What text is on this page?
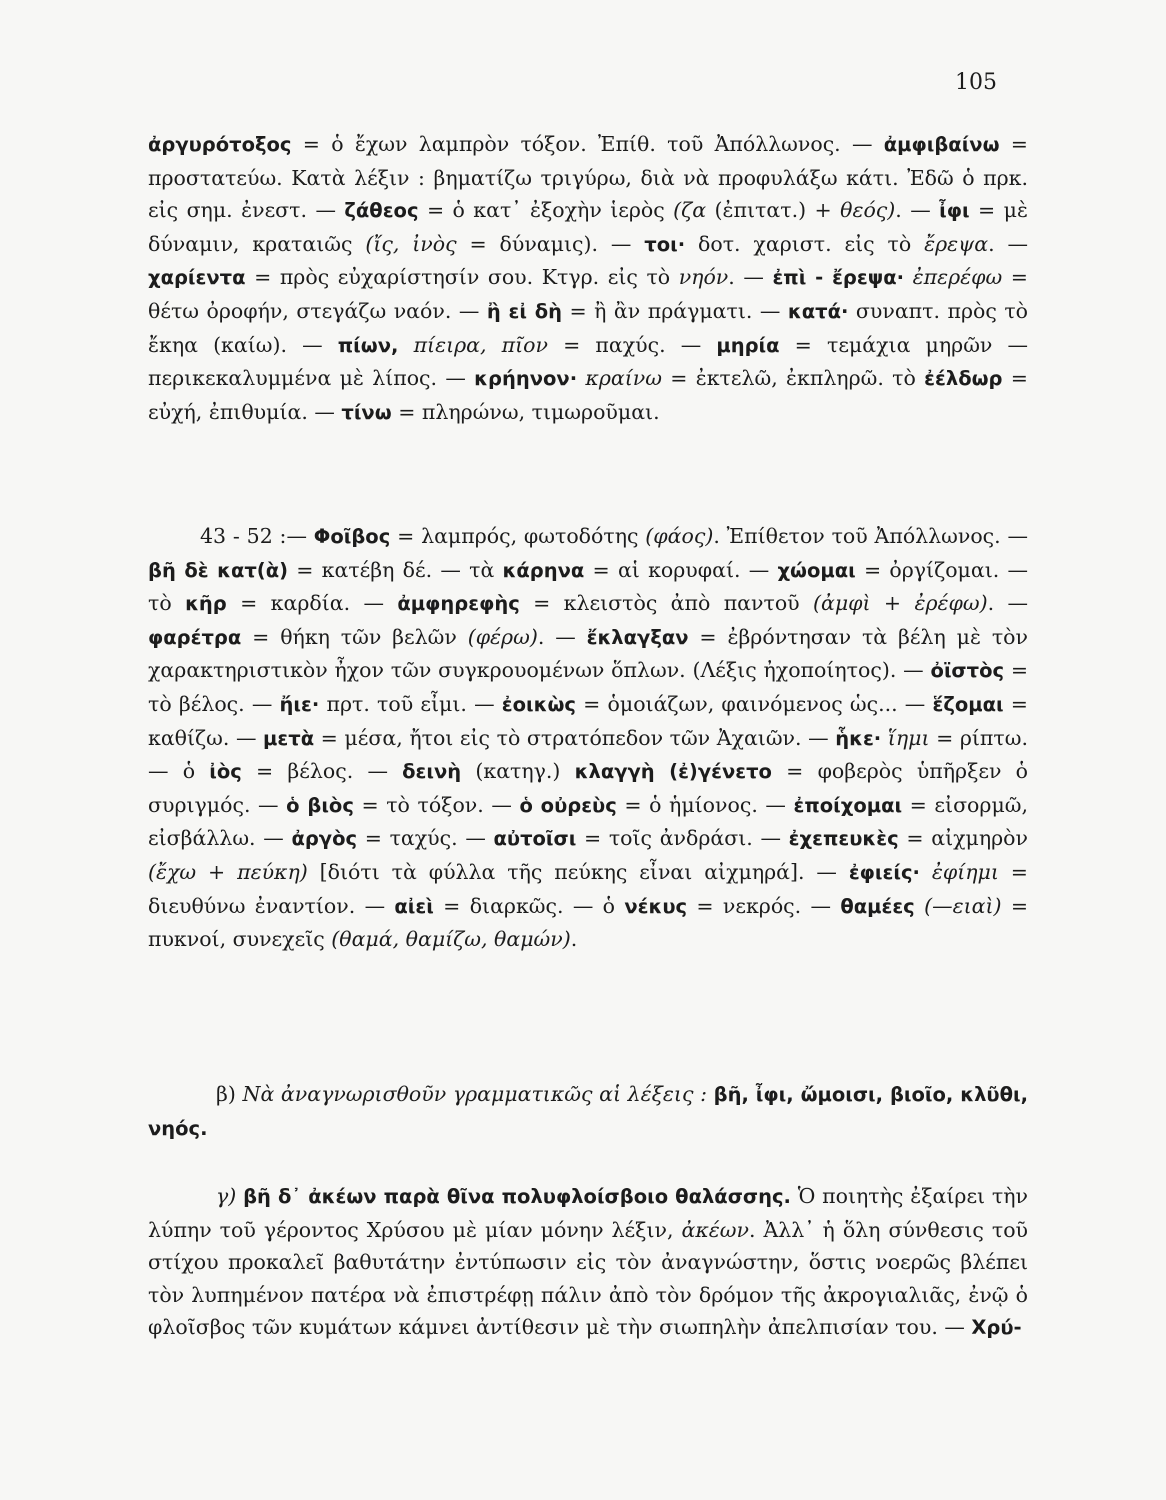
105
ἀργυρότοξος = ὁ ἔχων λαμπρὸν τόξον. Ἐπίθ. τοῦ Ἀπόλλωνος. — ἀμφιβαίνω = προστατεύω. Κατὰ λέξιν : βηματίζω τριγύρω, διὰ νὰ προφυλάξω κάτι. Ἐδῶ ὁ πρκ. εἰς σημ. ἐνεστ. — ζάθεος = ὁ κατ᾽ ἐξοχὴν ἱερὸς (ζα (ἐπιτατ.) + θεός). — ἶφι = μὲ δύναμιν, κραταιῶς (ἴς, ἰνὸς = δύναμις). — τοι· δοτ. χαριστ. εἰς τὸ ἔρεψα. — χαρίεντα = πρὸς εὐχαρίστησίν σου. Κτγρ. εἰς τὸ νηόν. — ἐπὶ - ἔρεψα· ἐπερέφω = θέτω ὀροφήν, στεγάζω ναόν. — ἢ εἰ δὴ = ἢ ἂν πράγματι. — κατά· συναπτ. πρὸς τὸ ἔκηα (καίω). — πίων, πίειρα, πῖον = παχύς. — μηρία = τεμάχια μηρῶν — περικεκαλυμμένα μὲ λίπος. — κρήηνον· κραίνω = ἐκτελῶ, ἐκπληρῶ. τὸ ἐέλδωρ = εὐχή, ἐπιθυμία. — τίνω = πληρώνω, τιμωροῦμαι.
43 - 52 :— Φοῖβος = λαμπρός, φωτοδότης (φάος). Ἐπίθετον τοῦ Ἀπόλλωνος. — βῆ δὲ κατ(ὰ) = κατέβη δέ. — τὰ κάρηνα = αἱ κορυφαί. — χώομαι = ὀργίζομαι. — τὸ κῆρ = καρδία. — ἀμφηρεφὴς = κλειστὸς ἀπὸ παντοῦ (ἀμφὶ + ἐρέφω). — φαρέτρα = θήκη τῶν βελῶν (φέρω). — ἔκλαγξαν = ἐβρόντησαν τὰ βέλη μὲ τὸν χαρακτηριστικὸν ἦχον τῶν συγκρουομένων ὅπλων. (Λέξις ἠχοποίητος). — ὀϊστὸς = τὸ βέλος. — ἤιε· πρτ. τοῦ εἶμι. — ἐοικὼς = ὁμοιάζων, φαινόμενος ὡς... — ἕζομαι = καθίζω. — μετὰ = μέσα, ἤτοι εἰς τὸ στρατόπεδον τῶν Ἀχαιῶν. — ἧκε· ἵημι = ρίπτω. — ὁ ἰὸς = βέλος. — δεινὴ (κατηγ.) κλαγγὴ (ἐ)γένετο = φοβερὸς ὑπῆρξεν ὁ συριγμός. — ὁ βιὸς = τὸ τόξον. — ὁ οὐρεὺς = ὁ ἡμίονος. — ἐποίχομαι = εἰσορμῶ, εἰσβάλλω. — ἀργὸς = ταχύς. — αὐτοῖσι = τοῖς ἀνδράσι. — ἐχεπευκὲς = αἰχμηρὸν (ἔχω + πεύκη) [διότι τὰ φύλλα τῆς πεύκης εἶναι αἰχμηρά]. — ἐφιείς· ἐφίημι = διευθύνω ἐναντίον. — αἰεὶ = διαρκῶς. — ὁ νέκυς = νεκρός. — θαμέες (—ειαὶ) = πυκνοί, συνεχεῖς (θαμά, θαμίζω, θαμών).
β) Νὰ ἀναγνωρισθοῦν γραμματικῶς αἱ λέξεις : βῆ, ἶφι, ὤμοισι, βιοῖο, κλῦθι, νηός.
γ) βῆ δ᾽ ἀκέων παρὰ θῖνα πολυφλοίσβοιο θαλάσσης. Ὁ ποιητὴς ἐξαίρει τὴν λύπην τοῦ γέροντος Χρύσου μὲ μίαν μόνην λέξιν, ἀκέων. Ἀλλ᾽ ἡ ὅλη σύνθεσις τοῦ στίχου προκαλεῖ βαθυτάτην ἐντύπωσιν εἰς τὸν ἀναγνώστην, ὅστις νοερῶς βλέπει τὸν λυπημένον πατέρα νὰ ἐπιστρέφῃ πάλιν ἀπὸ τὸν δρόμον τῆς ἀκρογιαλιᾶς, ἐνῷ ὁ φλοῖσβος τῶν κυμάτων κάμνει ἀντίθεσιν μὲ τὴν σιωπηλὴν ἀπελπισίαν του. — Χρύ-
